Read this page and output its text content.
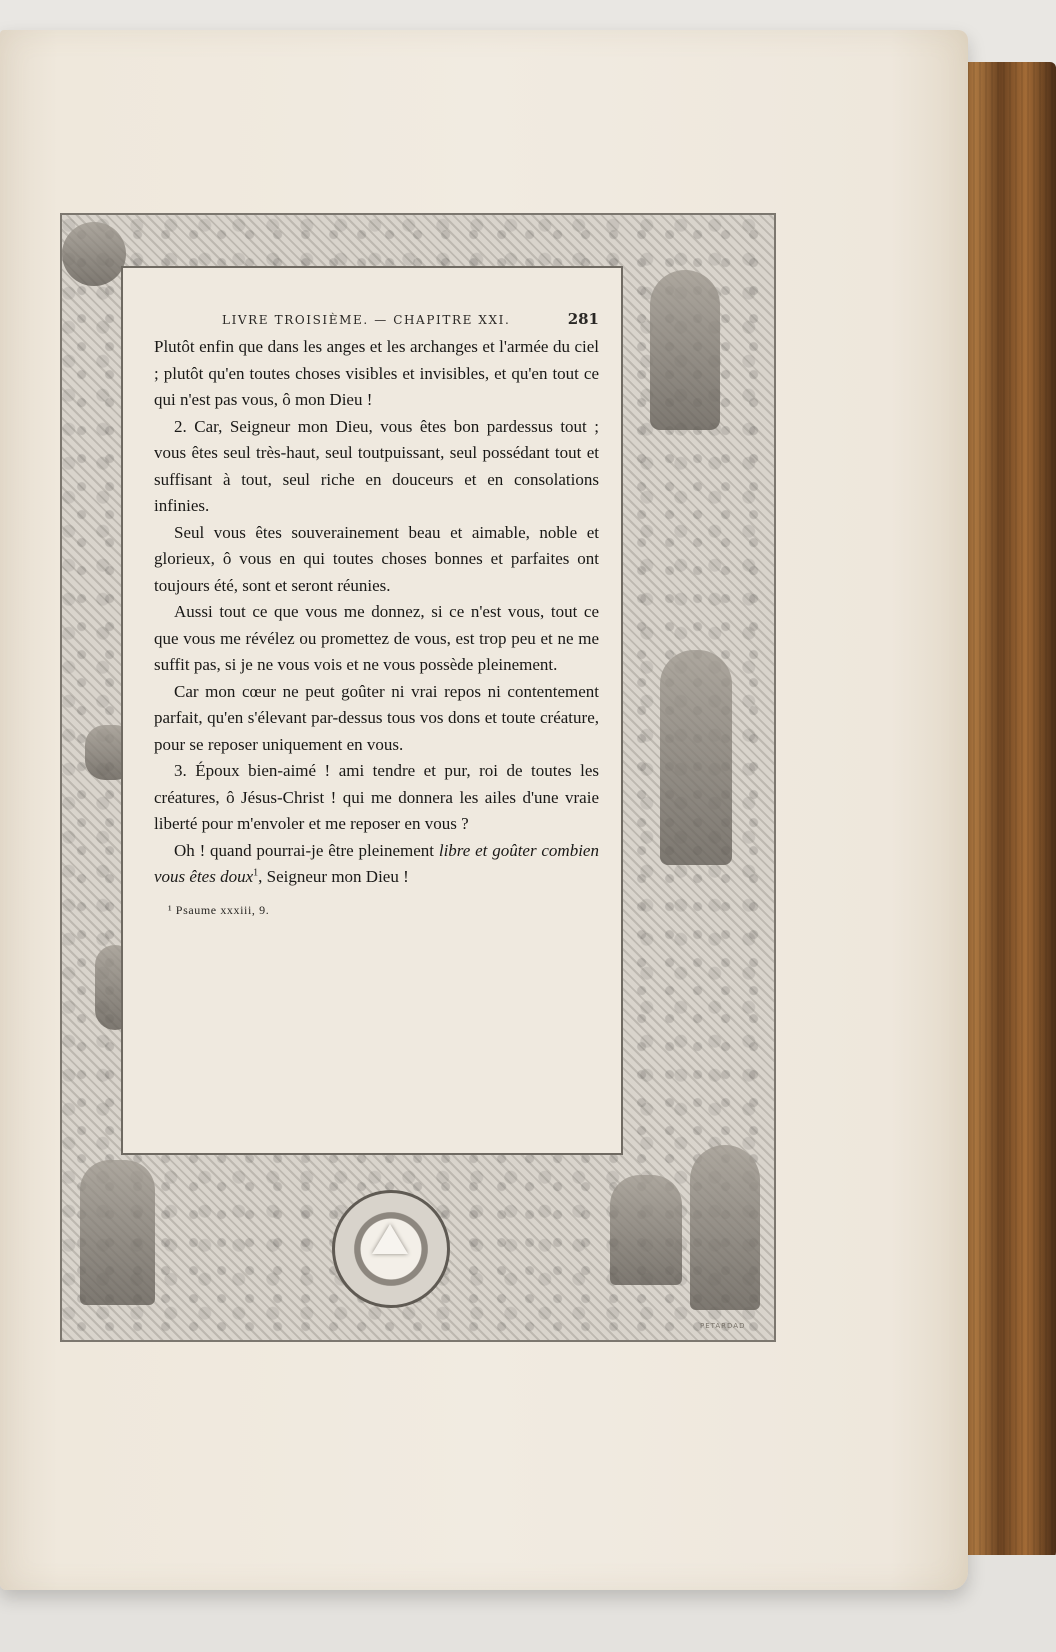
PETARDAD
LIVRE TROISIÈME. — CHAPITRE XXI.	281

Plutôt enfin que dans les anges et les archanges et l'armée du ciel ; plutôt qu'en toutes choses visibles et invisibles, et qu'en tout ce qui n'est pas vous, ô mon Dieu !

2. Car, Seigneur mon Dieu, vous êtes bon pardessus tout ; vous êtes seul très-haut, seul toutpuissant, seul possédant tout et suffisant à tout, seul riche en douceurs et en consolations infinies.

Seul vous êtes souverainement beau et aimable, noble et glorieux, ô vous en qui toutes choses bonnes et parfaites ont toujours été, sont et seront réunies.

Aussi tout ce que vous me donnez, si ce n'est vous, tout ce que vous me révélez ou promettez de vous, est trop peu et ne me suffit pas, si je ne vous vois et ne vous possède pleinement.

Car mon cœur ne peut goûter ni vrai repos ni contentement parfait, qu'en s'élevant par-dessus tous vos dons et toute créature, pour se reposer uniquement en vous.

3. Époux bien-aimé ! ami tendre et pur, roi de toutes les créatures, ô Jésus-Christ ! qui me donnera les ailes d'une vraie liberté pour m'envoler et me reposer en vous ?

Oh ! quand pourrai-je être pleinement libre et goûter combien vous êtes doux$^1$, Seigneur mon Dieu !

¹ Psaume xxxiii, 9.
